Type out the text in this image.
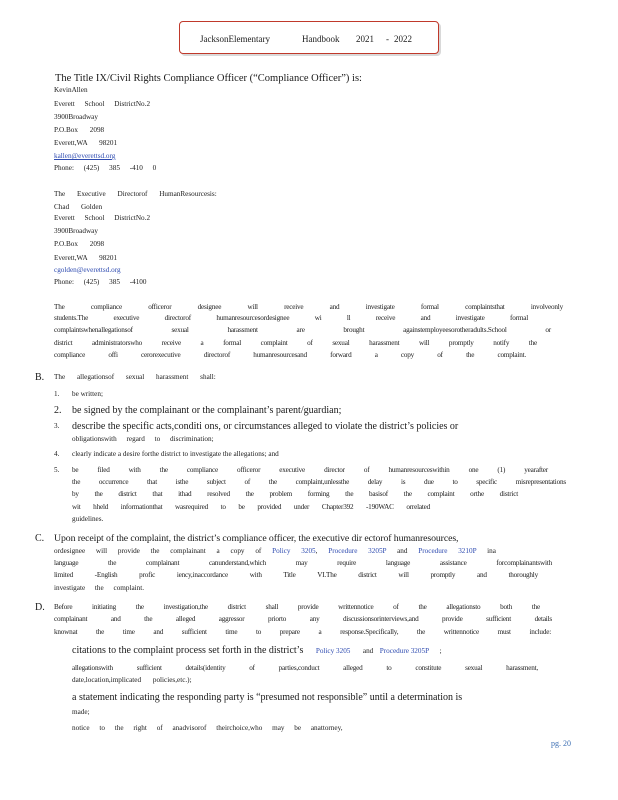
JacksonElementary	Handbook 2021 - 2022
The Title IX/Civil Rights Compliance Officer (“Compliance Officer”) is:
KevinAllen
Everett School DistrictNo.2
3900Broadway
P.O.Box 2098
Everett,WA 98201
kallen@everettsd.org
Phone: (425) 385 -410 0
The Executive Directorof HumanResourcesis:
Chad Golden
Everett School DistrictNo.2
3900Broadway
P.O.Box 2098
Everett,WA 98201
cgolden@everettsd.org
Phone: (425) 385 -4100
The compliance officeror designee will receive and investigate formal complaintsthat involveonly
students.The executive directorof humanresourcesordesignee wi ll receive and investigate formal
complaintswhenallegationsof sexual harassment are brought againstemployeesorotheradults.School or
district administratorswho receive a formal complaint of sexual harassment will promptly notify the
compliance offi cerorexecutive directorof humanresourcesand forward a copy of the complaint.
B. The allegationsof sexual harassment shall:
1. be written;
2. be signed by the complainant or the complainant’s parent/guardian;
3. describe the specific acts,conditi ons, or circumstances alleged to violate the district’s policies or
obligationswith regard to discrimination;
4. clearly indicate a desire forthe district to investigate the allegations; and
5. be filed with the compliance officeror executive director of humanresourceswithin one (1) yearafter
the occurrence that isthe subject of the complaint,unlessthe delay is due to specific misrepresentations
by the district that ithad resolved the problem forming the basisof the complaint orthe district
wit hheld informationthat wasrequired to be provided under Chapter392 -190WAC orrelated
guidelines.
C. Upon receipt of the complaint, the district’s compliance officer, the executive dir ectorof humanresources,
ordesignee will provide the complainant a copy of Policy 3205, Procedure 3205P and Procedure 3210P ina
language the complainant canunderstand,which may require language assistance forcomplainantswith
limited -English profic iency,inaccordance with Title VI.The district will promptly and thoroughly
investigate the complaint.
D. Before initiating the investigation,the district shall provide writtennotice of the allegationsto both the
complainant and the alleged aggressor priorto any discussionsorinterviews,and provide sufficient details
knownat the time and sufficient time to prepare a response.Specifically, the writtennotice must include:
citations to the complaint process set forth in the district’s Policy 3205 and Procedure 3205P ;
allegationswith sufficient details(identity of parties,conduct alleged to constitute sexual harassment,
date,location,implicated policies,etc.);
a statement indicating the responding party is “presumed not responsible” until a determination is
made;
notice to the right of anadvisorof theirchoice,who may be anattorney,
pg. 20
